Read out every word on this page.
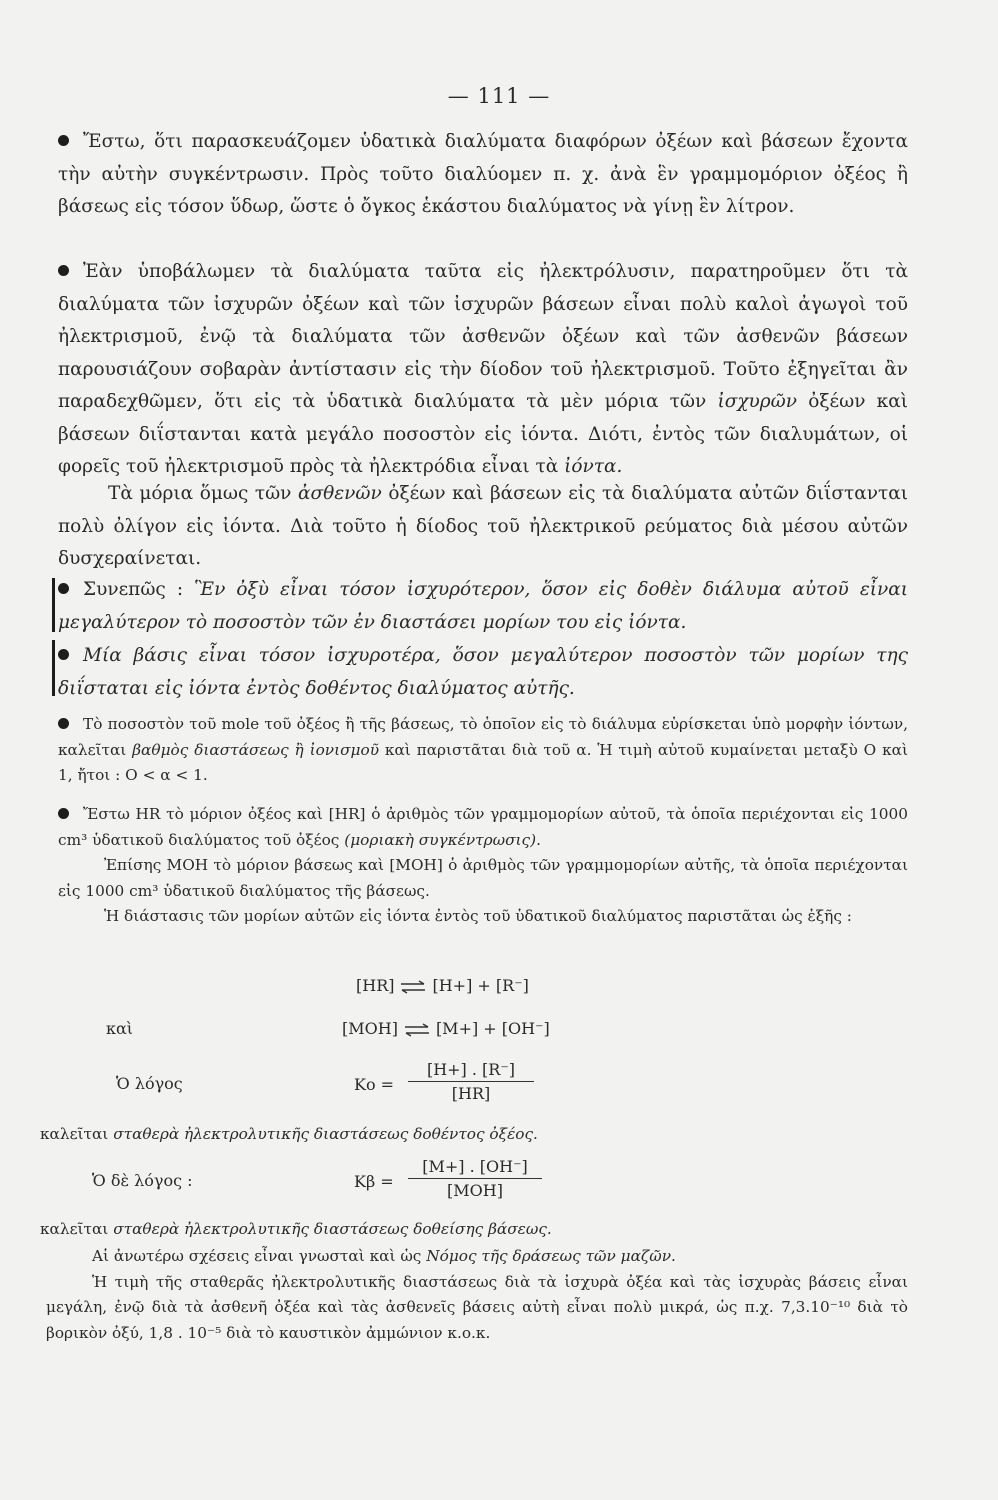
— 111 —
Ἔστω, ὅτι παρασκευάζομεν ὑδατικὰ διαλύματα διαφόρων ὀξέων καὶ βάσεων ἔχοντα τὴν αὐτὴν συγκέντρωσιν. Πρὸς τοῦτο διαλύομεν π. χ. ἀνὰ ἓν γραμμομόριον ὀξέος ἢ βάσεως εἰς τόσον ὕδωρ, ὥστε ὁ ὄγκος ἑκάστου διαλύματος νὰ γίνῃ ἓν λίτρον.
Ἐὰν ὑποβάλωμεν τὰ διαλύματα ταῦτα εἰς ἠλεκτρόλυσιν, παρατηροῦμεν ὅτι τὰ διαλύματα τῶν ἰσχυρῶν ὀξέων καὶ τῶν ἰσχυρῶν βάσεων εἶναι πολὺ καλοὶ ἀγωγοὶ τοῦ ἠλεκτρισμοῦ, ἐνῷ τὰ διαλύματα τῶν ἀσθενῶν ὀξέων καὶ τῶν ἀσθενῶν βάσεων παρουσιάζουν σοβαρὰν ἀντίστασιν εἰς τὴν δίοδον τοῦ ἠλεκτρισμοῦ. Τοῦτο ἐξηγεῖται ἂν παραδεχθῶμεν, ὅτι εἰς τὰ ὑδατικὰ διαλύματα τὰ μὲν μόρια τῶν ἰσχυρῶν ὀξέων καὶ βάσεων διΐστανται κατὰ μεγάλο ποσοστὸν εἰς ἰόντα. Διότι, ἐντὸς τῶν διαλυμάτων, οἱ φορεῖς τοῦ ἠλεκτρισμοῦ πρὸς τὰ ἠλεκτρόδια εἶναι τὰ ἰόντα.
Τὰ μόρια ὅμως τῶν ἀσθενῶν ὀξέων καὶ βάσεων εἰς τὰ διαλύματα αὐτῶν διΐστανται πολὺ ὀλίγον εἰς ἰόντα. Διὰ τοῦτο ἡ δίοδος τοῦ ἠλεκτρικοῦ ρεύματος διὰ μέσου αὐτῶν δυσχεραίνεται.
Συνεπῶς : Ἓν ὀξὺ εἶναι τόσον ἰσχυρότερον, ὅσον εἰς δοθὲν διάλυμα αὐτοῦ εἶναι μεγαλύτερον τὸ ποσοστὸν τῶν ἐν διαστάσει μορίων του εἰς ἰόντα.
Μία βάσις εἶναι τόσον ἰσχυροτέρα, ὅσον μεγαλύτερον ποσοστὸν τῶν μορίων της διΐσταται εἰς ἰόντα ἐντὸς δοθέντος διαλύματος αὐτῆς.
Τὸ ποσοστὸν τοῦ mole τοῦ ὀξέος ἢ τῆς βάσεως, τὸ ὁποῖον εἰς τὸ διάλυμα εὑρίσκεται ὑπὸ μορφὴν ἰόντων, καλεῖται βαθμὸς διαστάσεως ἢ ἰονισμοῦ καὶ παριστᾶται διὰ τοῦ α. Ἡ τιμὴ αὐτοῦ κυμαίνεται μεταξὺ Ο καὶ 1, ἤτοι : Ο < α < 1.
Ἔστω HR τὸ μόριον ὀξέος καὶ [HR] ὁ ἀριθμὸς τῶν γραμμομορίων αὐτοῦ, τὰ ὁποῖα περιέχονται εἰς 1000 cm³ ὑδατικοῦ διαλύματος τοῦ ὀξέος (μοριακὴ συγκέντρωσις).
Ἐπίσης ΜΟΗ τὸ μόριον βάσεως καὶ [ΜΟΗ] ὁ ἀριθμὸς τῶν γραμμομορίων αὐτῆς, τὰ ὁποῖα περιέχονται εἰς 1000 cm³ ὑδατικοῦ διαλύματος τῆς βάσεως.
Ἡ διάστασις τῶν μορίων αὐτῶν εἰς ἰόντα ἐντὸς τοῦ ὑδατικοῦ διαλύματος παριστᾶται ὡς ἑξῆς :
[HR] ⇌ [H+] + [R⁻]
καὶ	[MOH] ⇌ [M+] + [OH⁻]
Ὁ λόγος	$Ko = \frac{[H+] . [R^-]}{[HR]}$
καλεῖται σταθερὰ ἠλεκτρολυτικῆς διαστάσεως δοθέντος ὀξέος.
Ὁ δὲ λόγος :	Κβ =
[M+] . [OH⁻]
[MOH]
καλεῖται σταθερὰ ἠλεκτρολυτικῆς διαστάσεως δοθείσης βάσεως.
Αἱ ἀνωτέρω σχέσεις εἶναι γνωσταὶ καὶ ὡς Νόμος τῆς δράσεως τῶν μαζῶν.
Ἡ τιμὴ τῆς σταθερᾶς ἠλεκτρολυτικῆς διαστάσεως διὰ τὰ ἰσχυρὰ ὀξέα καὶ τὰς ἰσχυρὰς βάσεις εἶναι μεγάλη, ἐνῷ διὰ τὰ ἀσθενῆ ὀξέα καὶ τὰς ἀσθενεῖς βάσεις αὐτὴ εἶναι πολὺ μικρά, ὡς π.χ. 7,3.10⁻¹⁰ διὰ τὸ βορικὸν ὀξύ, 1,8 . 10⁻⁵ διὰ τὸ καυστικὸν ἀμμώνιον κ.ο.κ.
